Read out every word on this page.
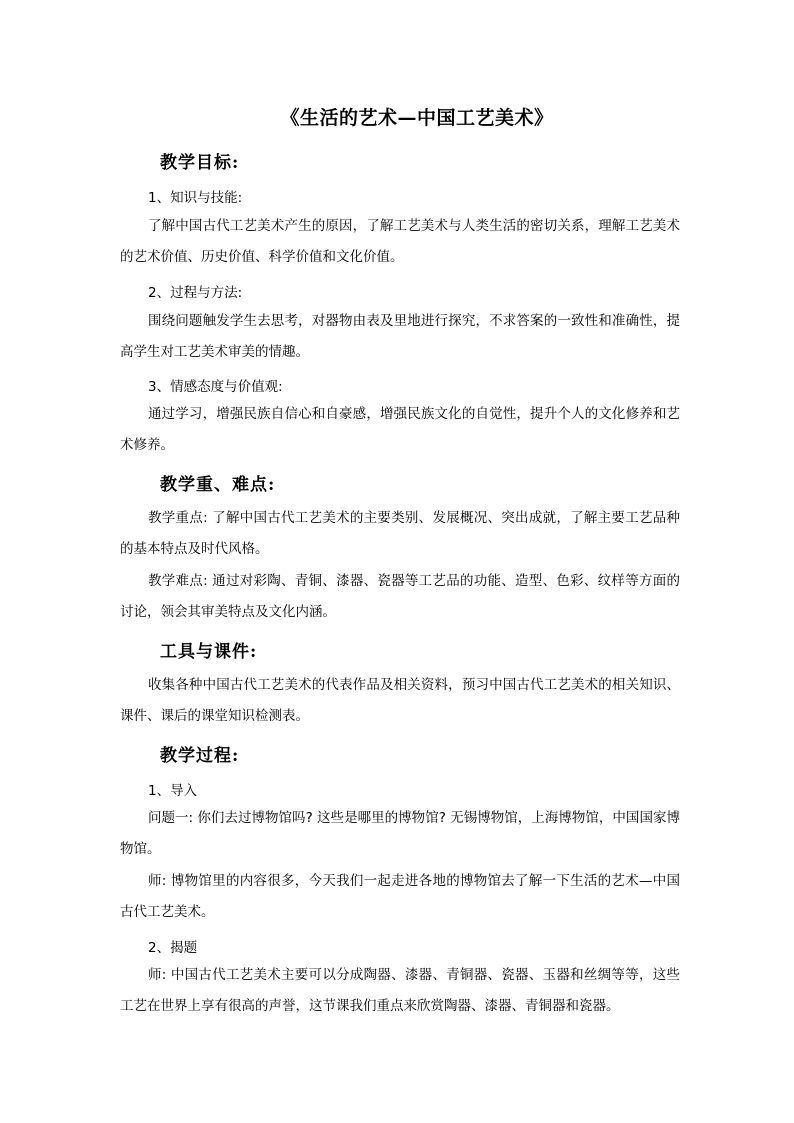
《生活的艺术—中国工艺美术》
教学目标:
1、知识与技能:
了解中国古代工艺美术产生的原因，了解工艺美术与人类生活的密切关系，理解工艺美术的艺术价值、历史价值、科学价值和文化价值。
2、过程与方法:
围绕问题触发学生去思考，对器物由表及里地进行探究，不求答案的一致性和准确性，提高学生对工艺美术审美的情趣。
3、情感态度与价值观:
通过学习，增强民族自信心和自豪感，增强民族文化的自觉性，提升个人的文化修养和艺术修养。
教学重、难点:
教学重点: 了解中国古代工艺美术的主要类别、发展概况、突出成就，了解主要工艺品种的基本特点及时代风格。
教学难点: 通过对彩陶、青铜、漆器、瓷器等工艺品的功能、造型、色彩、纹样等方面的讨论，领会其审美特点及文化内涵。
工具与课件:
收集各种中国古代工艺美术的代表作品及相关资料，预习中国古代工艺美术的相关知识、课件、课后的课堂知识检测表。
教学过程:
1、导入
问题一: 你们去过博物馆吗? 这些是哪里的博物馆? 无锡博物馆，上海博物馆，中国国家博物馆。
师: 博物馆里的内容很多，今天我们一起走进各地的博物馆去了解一下生活的艺术—中国古代工艺美术。
2、揭题
师: 中国古代工艺美术主要可以分成陶器、漆器、青铜器、瓷器、玉器和丝绸等等，这些工艺在世界上享有很高的声誉，这节课我们重点来欣赏陶器、漆器、青铜器和瓷器。
